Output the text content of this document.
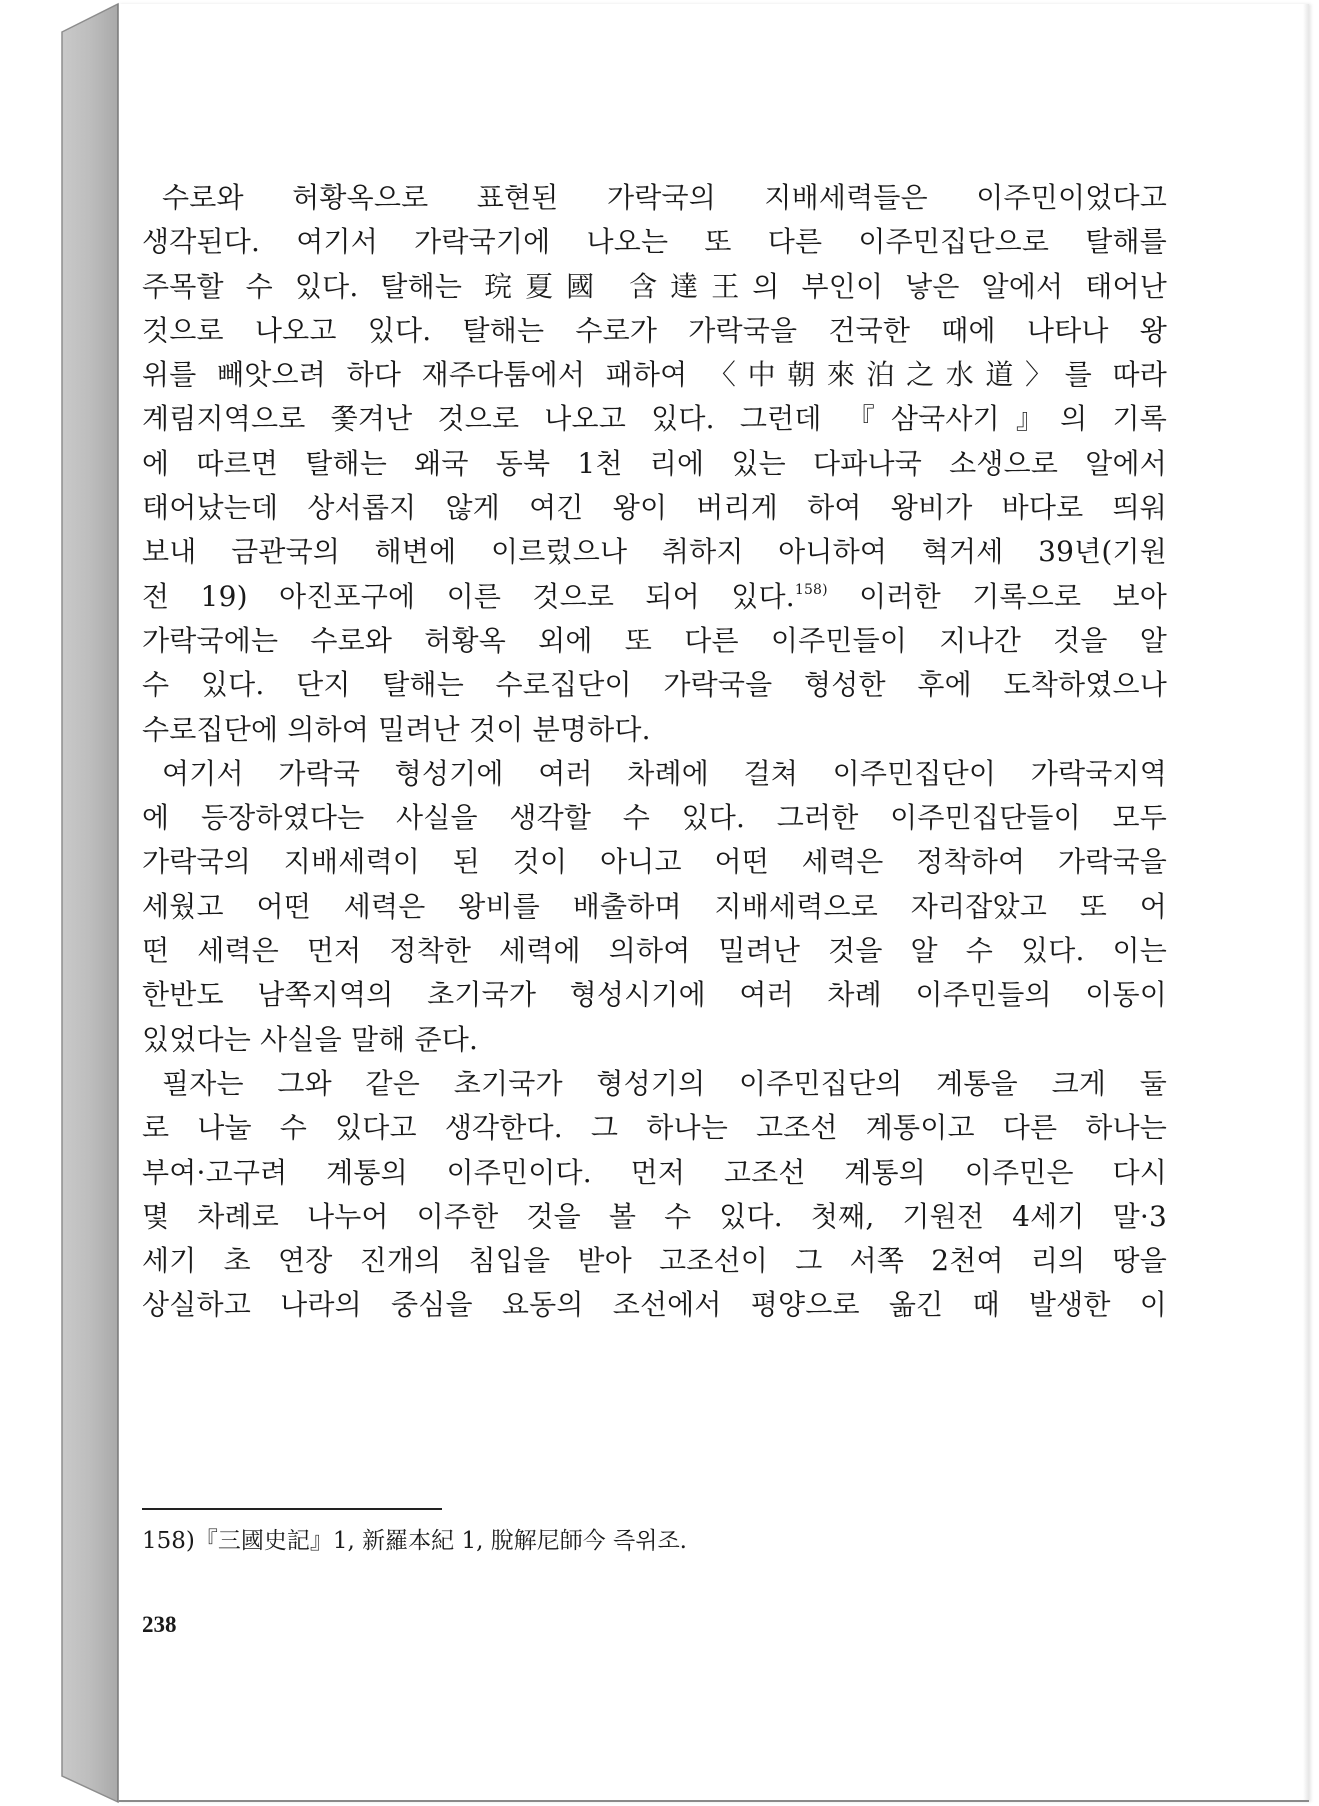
수로와 허황옥으로 표현된 가락국의 지배세력들은 이주민이었다고
생각된다. 여기서 가락국기에 나오는 또 다른 이주민집단으로 탈해를
주목할 수 있다. 탈해는 琓夏國 含達王의 부인이 낳은 알에서 태어난
것으로 나오고 있다. 탈해는 수로가 가락국을 건국한 때에 나타나 왕
위를 빼앗으려 하다 재주다툼에서 패하여 〈中朝來泊之水道〉를 따라
계림지역으로 쫓겨난 것으로 나오고 있다. 그런데 『삼국사기』의 기록
에 따르면 탈해는 왜국 동북 1천 리에 있는 다파나국 소생으로 알에서
태어났는데 상서롭지 않게 여긴 왕이 버리게 하여 왕비가 바다로 띄워
보내 금관국의 해변에 이르렀으나 취하지 아니하여 혁거세 39년(기원
전 19) 아진포구에 이른 것으로 되어 있다.$^{158)}$ 이러한 기록으로 보아
가락국에는 수로와 허황옥 외에 또 다른 이주민들이 지나간 것을 알
수 있다. 단지 탈해는 수로집단이 가락국을 형성한 후에 도착하였으나
수로집단에 의하여 밀려난 것이 분명하다.
여기서 가락국 형성기에 여러 차례에 걸쳐 이주민집단이 가락국지역
에 등장하였다는 사실을 생각할 수 있다. 그러한 이주민집단들이 모두
가락국의 지배세력이 된 것이 아니고 어떤 세력은 정착하여 가락국을
세웠고 어떤 세력은 왕비를 배출하며 지배세력으로 자리잡았고 또 어
떤 세력은 먼저 정착한 세력에 의하여 밀려난 것을 알 수 있다. 이는
한반도 남쪽지역의 초기국가 형성시기에 여러 차례 이주민들의 이동이
있었다는 사실을 말해 준다.
필자는 그와 같은 초기국가 형성기의 이주민집단의 계통을 크게 둘
로 나눌 수 있다고 생각한다. 그 하나는 고조선 계통이고 다른 하나는
부여·고구려 계통의 이주민이다. 먼저 고조선 계통의 이주민은 다시
몇 차례로 나누어 이주한 것을 볼 수 있다. 첫째, 기원전 4세기 말·3
세기 초 연장 진개의 침입을 받아 고조선이 그 서쪽 2천여 리의 땅을
상실하고 나라의 중심을 요동의 조선에서 평양으로 옮긴 때 발생한 이
158)『三國史記』1, 新羅本紀 1, 脫解尼師今 즉위조.
238
